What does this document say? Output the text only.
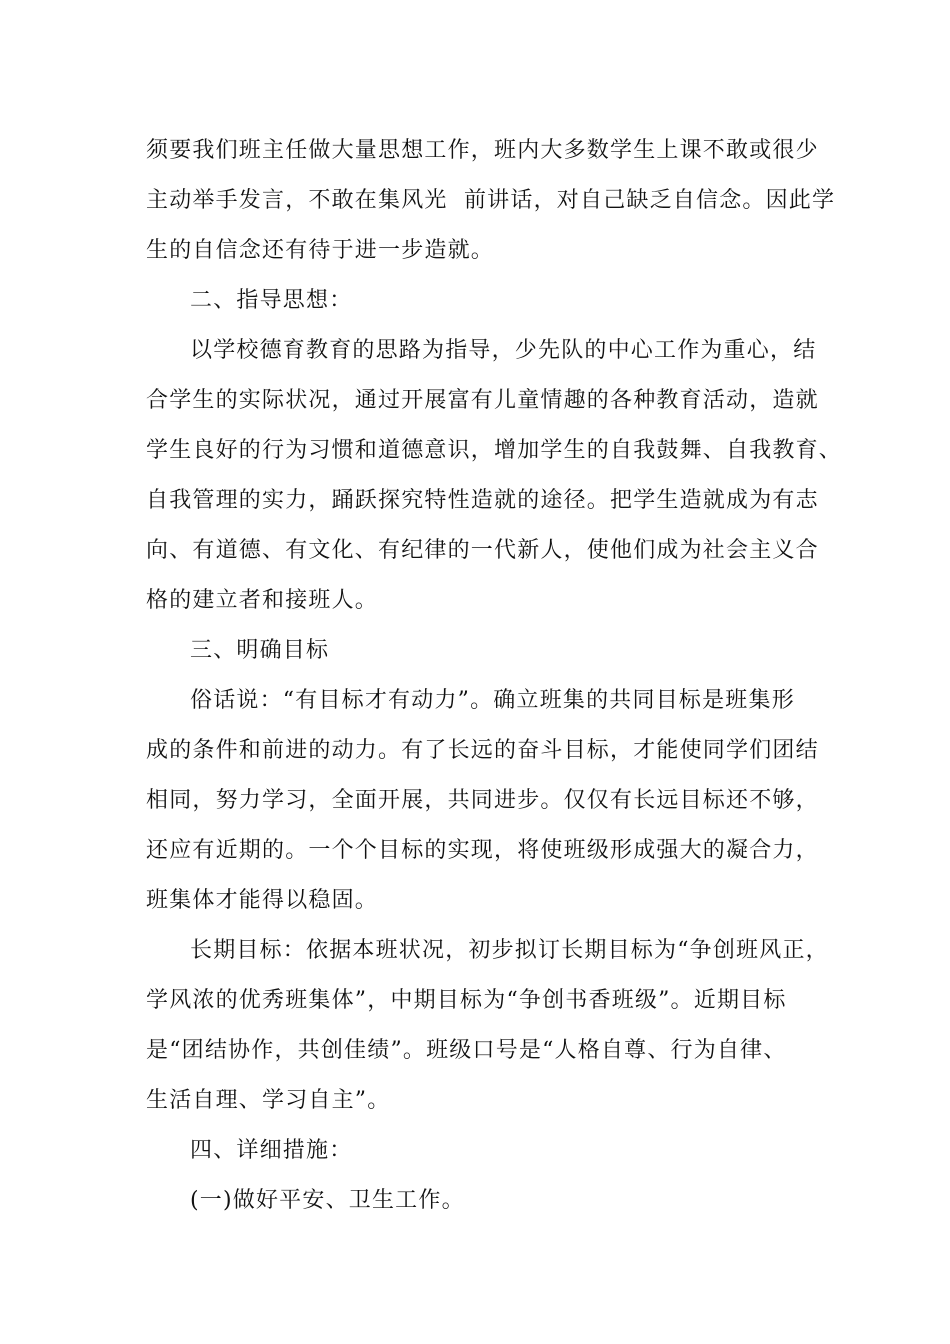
须要我们班主任做大量思想工作，班内大多数学生上课不敢或很少
主动举手发言，不敢在集风光  前讲话，对自己缺乏自信念。因此学
生的自信念还有待于进一步造就。
二、指导思想：
以学校德育教育的思路为指导，少先队的中心工作为重心，结
合学生的实际状况，通过开展富有儿童情趣的各种教育活动，造就
学生良好的行为习惯和道德意识，增加学生的自我鼓舞、自我教育、
自我管理的实力，踊跃探究特性造就的途径。把学生造就成为有志
向、有道德、有文化、有纪律的一代新人，使他们成为社会主义合
格的建立者和接班人。
三、明确目标
俗话说：“有目标才有动力”。确立班集的共同目标是班集形
成的条件和前进的动力。有了长远的奋斗目标，才能使同学们团结
相同，努力学习，全面开展，共同进步。仅仅有长远目标还不够，
还应有近期的。一个个目标的实现，将使班级形成强大的凝合力，
班集体才能得以稳固。
长期目标：依据本班状况，初步拟订长期目标为“争创班风正，
学风浓的优秀班集体”，中期目标为“争创书香班级”。近期目标
是“团结协作，共创佳绩”。班级口号是“人格自尊、行为自律、
生活自理、学习自主”。
四、详细措施：
(一)做好平安、卫生工作。
